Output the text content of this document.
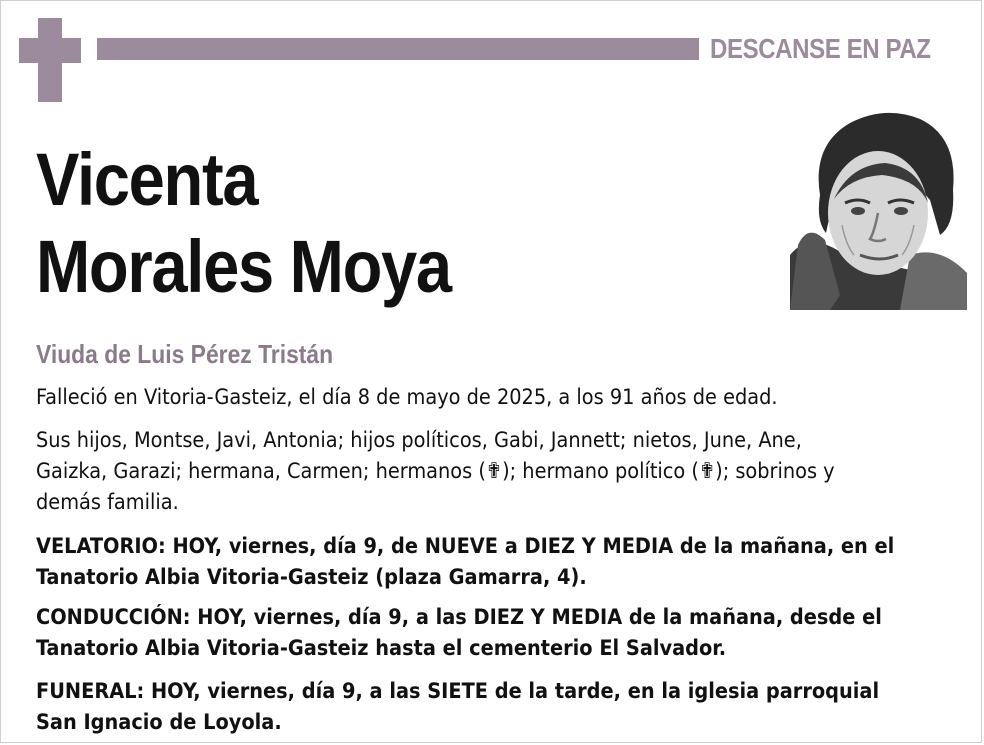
DESCANSE EN PAZ
Vicenta
Morales Moya
Viuda de Luis Pérez Tristán
Falleció en Vitoria-Gasteiz, el día 8 de mayo de 2025, a los 91 años de edad.
Sus hijos, Montse, Javi, Antonia; hijos políticos, Gabi, Jannett; nietos, June, Ane,
Gaizka, Garazi; hermana, Carmen; hermanos (✟); hermano político (✟); sobrinos y
demás familia.
VELATORIO: HOY, viernes, día 9, de NUEVE a DIEZ Y MEDIA de la mañana, en el
Tanatorio Albia Vitoria-Gasteiz (plaza Gamarra, 4).
CONDUCCIÓN: HOY, viernes, día 9, a las DIEZ Y MEDIA de la mañana, desde el
Tanatorio Albia Vitoria-Gasteiz hasta el cementerio El Salvador.
FUNERAL: HOY, viernes, día 9, a las SIETE de la tarde, en la iglesia parroquial
San Ignacio de Loyola.
